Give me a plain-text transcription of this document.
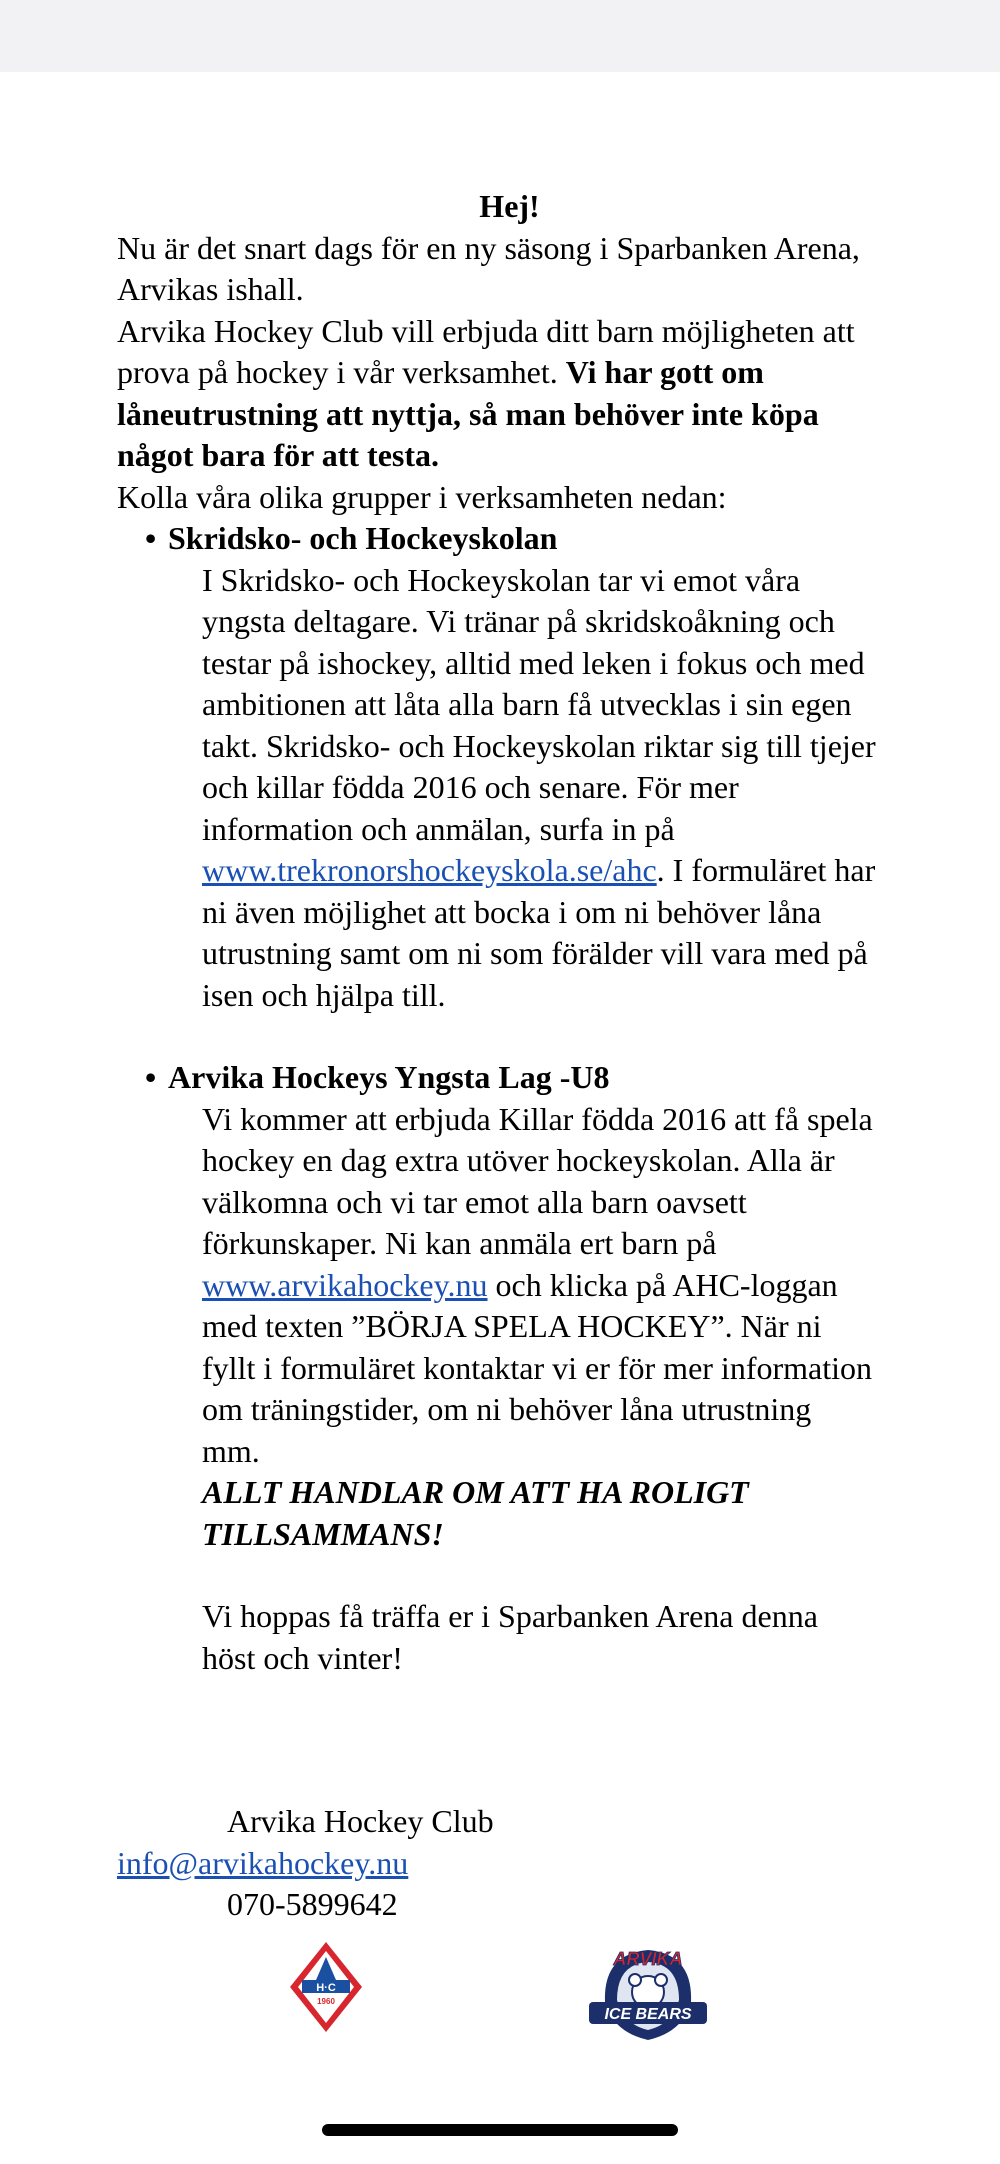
Hej!

Nu är det snart dags för en ny säsong i Sparbanken Arena, Arvikas ishall.
Arvika Hockey Club vill erbjuda ditt barn möjligheten att prova på hockey i vår verksamhet. Vi har gott om låneutrustning att nyttja, så man behöver inte köpa något bara för att testa.
Kolla våra olika grupper i verksamheten nedan:

• Skridsko- och Hockeyskolan
I Skridsko- och Hockeyskolan tar vi emot våra yngsta deltagare. Vi tränar på skridskoåkning och testar på ishockey, alltid med leken i fokus och med ambitionen att låta alla barn få utvecklas i sin egen takt. Skridsko- och Hockeyskolan riktar sig till tjejer och killar födda 2016 och senare. För mer information och anmälan, surfa in på www.trekronorshockeyskola.se/ahc. I formuläret har ni även möjlighet att bocka i om ni behöver låna utrustning samt om ni som förälder vill vara med på isen och hjälpa till.
• Arvika Hockeys Yngsta Lag -U8

Vi kommer att erbjuda Killar födda 2016 att få spela hockey en dag extra utöver hockeyskolan. Alla är välkomna och vi tar emot alla barn oavsett förkunskaper. Ni kan anmäla ert barn på www.arvikahockey.nu och klicka på AHC-loggan med texten ”BÖRJA SPELA HOCKEY”. När ni fyllt i formuläret kontaktar vi er för mer information om träningstider, om ni behöver låna utrustning mm.

ALLT HANDLAR OM ATT HA ROLIGT TILLSAMMANS!

Vi hoppas få träffa er i Sparbanken Arena denna höst och vinter!

Arvika Hockey Club
info@arvikahockey.nu
070-5899642
H·C
1960
ARVIKA
ICE BEARS
